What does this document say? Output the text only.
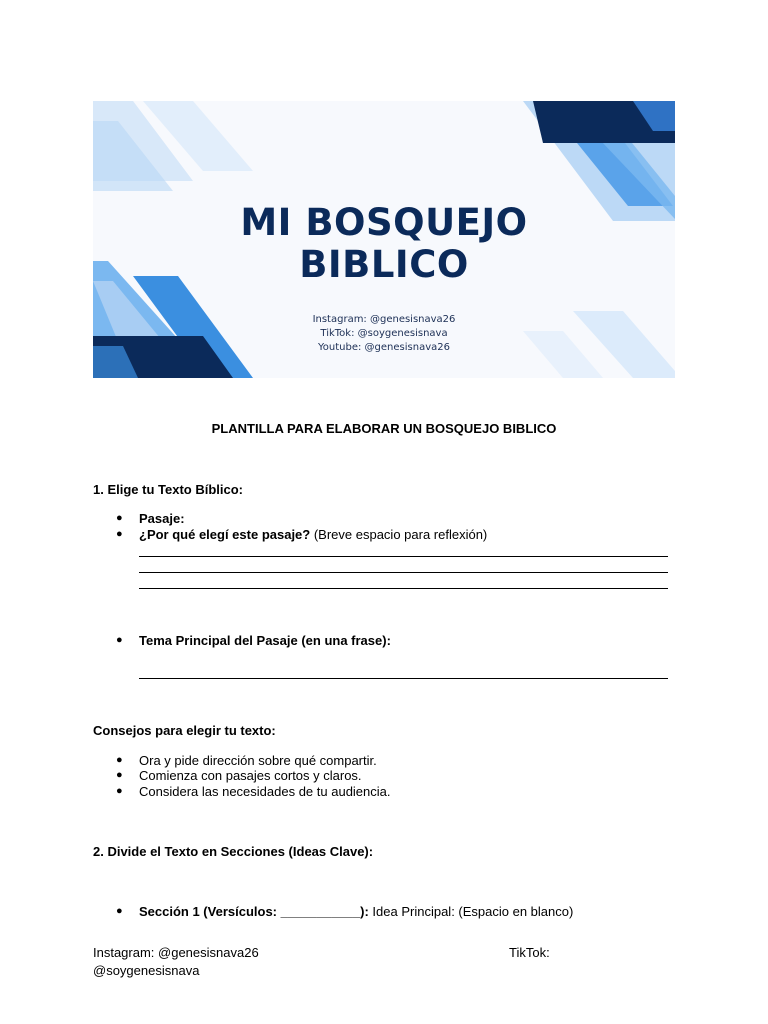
MI BOSQUEJO
BIBLICO
Instagram: @genesisnava26
TikTok: @soygenesisnava
Youtube: @genesisnava26
PLANTILLA PARA ELABORAR UN BOSQUEJO BIBLICO
1. Elige tu Texto Bíblico:
● Pasaje:
● ¿Por qué elegí este pasaje? (Breve espacio para reflexión)
● Tema Principal del Pasaje (en una frase):
Consejos para elegir tu texto:
● Ora y pide dirección sobre qué compartir.
● Comienza con pasajes cortos y claros.
● Considera las necesidades de tu audiencia.
2. Divide el Texto en Secciones (Ideas Clave):
● Sección 1 (Versículos: ___________): Idea Principal: (Espacio en blanco)
Instagram: @genesisnava26	TikTok:
@soygenesisnava
